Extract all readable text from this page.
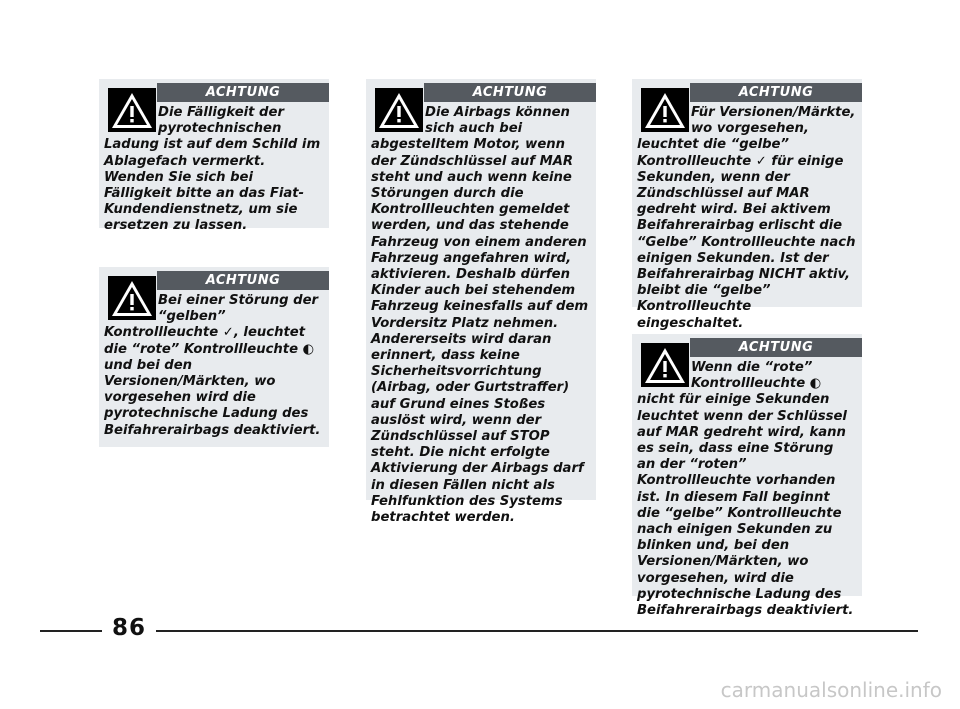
ACHTUNG

Die Fälligkeit der pyrotechnischen Ladung ist auf dem Schild im Ablagefach vermerkt. Wenden Sie sich bei Fälligkeit bitte an das Fiat-Kundendienstnetz, um sie ersetzen zu lassen.

ACHTUNG

Bei einer Störung der “gelben” Kontrollleuchte ✓, leuchtet die “rote” Kontrollleuchte ◐ und bei den Versionen/Märkten, wo vorgesehen wird die pyrotechnische Ladung des Beifahrerairbags deaktiviert.

ACHTUNG

Die Airbags können sich auch bei abgestelltem Motor, wenn der Zündschlüssel auf MAR steht und auch wenn keine Störungen durch die Kontrollleuchten gemeldet werden, und das stehende Fahrzeug von einem anderen Fahrzeug angefahren wird, aktivieren. Deshalb dürfen Kinder auch bei stehendem Fahrzeug keinesfalls auf dem Vordersitz Platz nehmen. Andererseits wird daran erinnert, dass keine Sicherheitsvorrichtung (Airbag, oder Gurtstraffer) auf Grund eines Stoßes auslöst wird, wenn der Zündschlüssel auf STOP steht. Die nicht erfolgte Aktivierung der Airbags darf in diesen Fällen nicht als Fehlfunktion des Systems betrachtet werden.

ACHTUNG

Für Versionen/Märkte, wo vorgesehen, leuchtet die “gelbe” Kontrollleuchte ✓ für einige Sekunden, wenn der Zündschlüssel auf MAR gedreht wird. Bei aktivem Beifahrerairbag erlischt die “Gelbe” Kontrollleuchte nach einigen Sekunden. Ist der Beifahrerairbag NICHT aktiv, bleibt die “gelbe” Kontrollleuchte eingeschaltet.

ACHTUNG

Wenn die “rote” Kontrollleuchte ◐ nicht für einige Sekunden leuchtet wenn der Schlüssel auf MAR gedreht wird, kann es sein, dass eine Störung an der “roten” Kontrollleuchte vorhanden ist. In diesem Fall beginnt die “gelbe” Kontrollleuchte nach einigen Sekunden zu blinken und, bei den Versionen/Märkten, wo vorgesehen, wird die pyrotechnische Ladung des Beifahrerairbags deaktiviert.

86
carmanualsonline.info
